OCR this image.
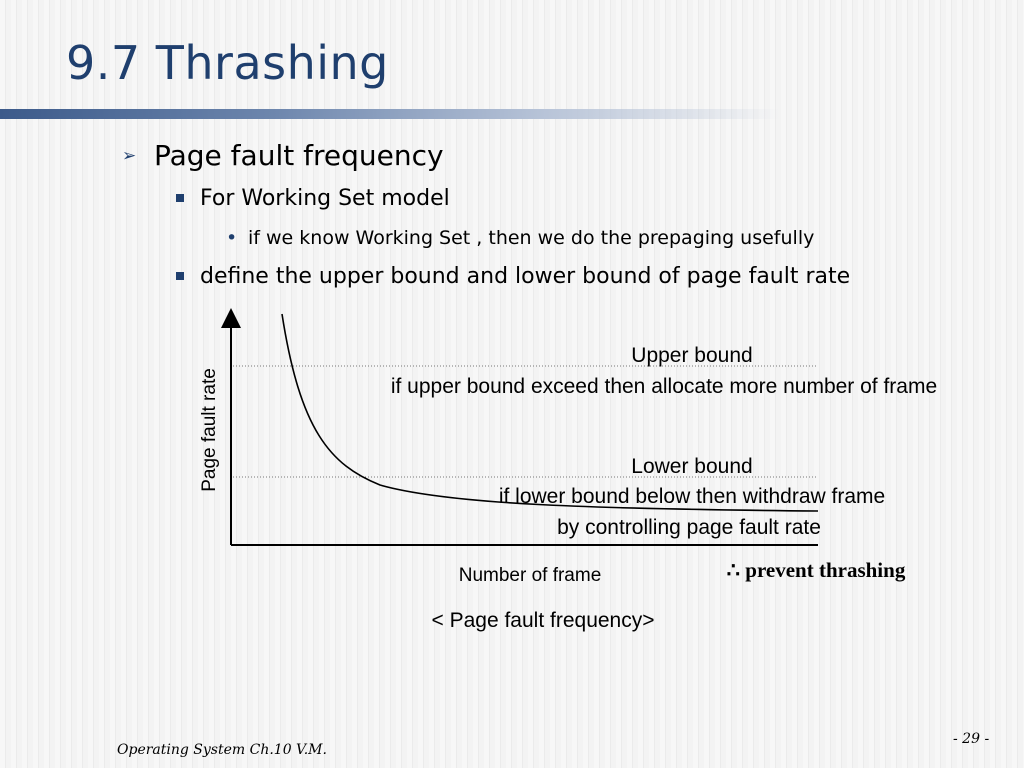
9.7 Thrashing
➢ Page fault frequency
For Working Set model
• if we know Working Set , then we do the prepaging usefully
define the upper bound and lower bound of page fault rate
Page fault rate
Number of frame
< Page fault frequency>
Upper bound
if upper bound exceed then allocate more number of frame
Lower bound
if lower bound below then withdraw frame
by controlling page fault rate
∴ prevent thrashing

Operating System Ch.10 V.M.

- 29 -
